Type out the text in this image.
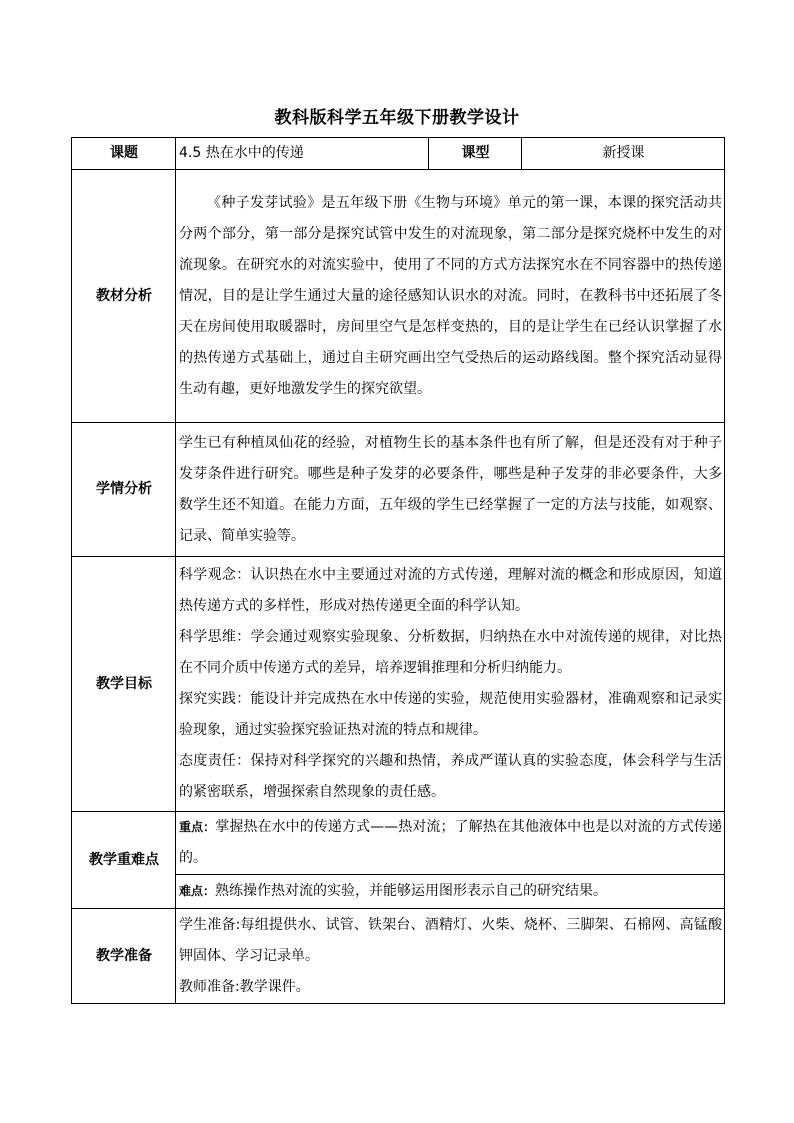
教科版科学五年级下册教学设计
课题	4.5 热在水中的传递	课型	新授课
教材分析	《种子发芽试验》是五年级下册《生物与环境》单元的第一课，本课的探究活动共分两个部分，第一部分是探究试管中发生的对流现象，第二部分是探究烧杯中发生的对流现象。在研究水的对流实验中，使用了不同的方式方法探究水在不同容器中的热传递情况，目的是让学生通过大量的途径感知认识水的对流。同时，在教科书中还拓展了冬天在房间使用取暖器时，房间里空气是怎样变热的，目的是让学生在已经认识掌握了水的热传递方式基础上，通过自主研究画出空气受热后的运动路线图。整个探究活动显得生动有趣，更好地激发学生的探究欲望。		

学情分析	学生已有种植凤仙花的经验，对植物生长的基本条件也有所了解，但是还没有对于种子发芽条件进行研究。哪些是种子发芽的必要条件，哪些是种子发芽的非必要条件，大多数学生还不知道。在能力方面，五年级的学生已经掌握了一定的方法与技能，如观察、记录、简单实验等。		

教学目标	科学观念：认识热在水中主要通过对流的方式传递，理解对流的概念和形成原因，知道热传递方式的多样性，形成对热传递更全面的科学认知。

科学思维：学会通过观察实验现象、分析数据，归纳热在水中对流传递的规律，对比热在不同介质中传递方式的差异，培养逻辑推理和分析归纳能力。

探究实践：能设计并完成热在水中传递的实验，规范使用实验器材，准确观察和记录实验现象，通过实验探究验证热对流的特点和规律。

态度责任：保持对科学探究的兴趣和热情，养成严谨认真的实验态度，体会科学与生活的紧密联系，增强探索自然现象的责任感。		

教学重难点	重点：掌握热在水中的传递方式——热对流；了解热在其他液体中也是以对流的方式传递的。		

	难点：熟练操作热对流的实验，并能够运用图形表示自己的研究结果。		

教学准备	学生准备:每组提供水、试管、铁架台、酒精灯、火柴、烧杯、三脚架、石棉网、高锰酸钾固体、学习记录单。

教师准备:教学课件。		
